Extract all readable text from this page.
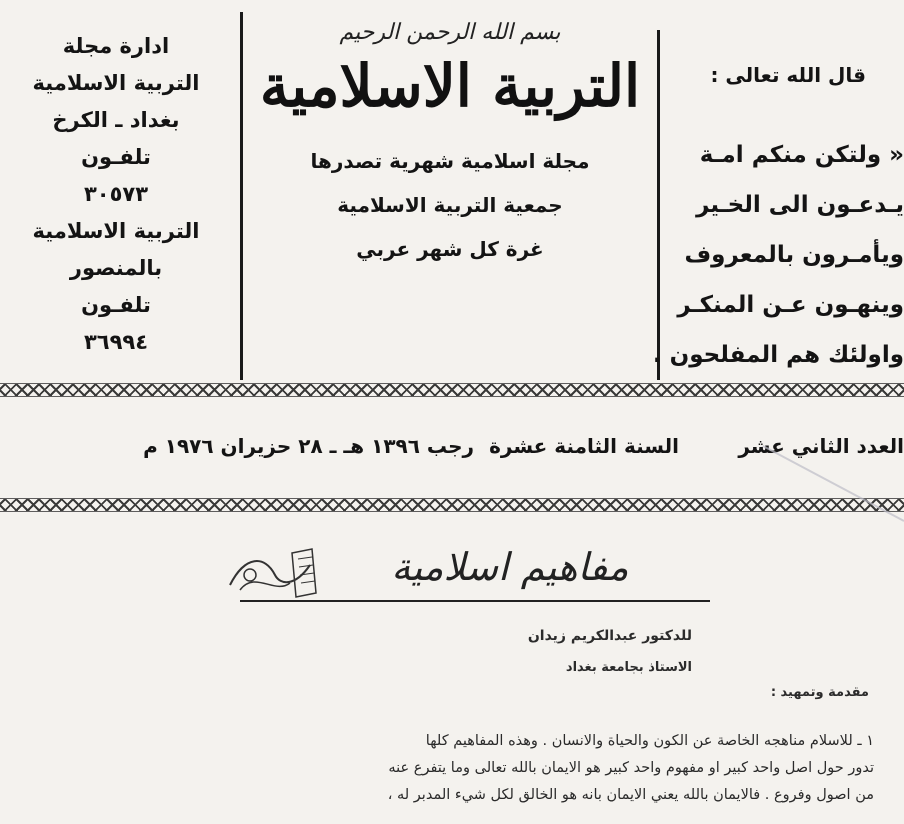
ادارة مجلة
التربية الاسلامية
بغداد ـ الكرخ
تلفـون
٣٠٥٧٣
التربية الاسلامية
بالمنصور
تلفـون
٣٦٩٩٤
بسم الله الرحمن الرحيم
التربية الاسلامية
مجلة اسلامية شهرية تصدرها
جمعية التربية الاسلامية
غرة كل شهر عربي
قال الله تعالى :
« ولتكن منكم امـة
يـدعـون الى الخـير
ويأمـرون بالمعروف
وينهـون عـن المنكـر
واولئك هم المفلحون .
العدد الثاني عشر
السنة الثامنة عشرة
رجب ١٣٩٦ هـ ـ ٢٨ حزيران ١٩٧٦ م
مفاهيم اسلامية
للدكتور عبدالكريم زيدان
الاستاذ بجامعة بغداد
مقدمة وتمهيد :
١ ـ للاسلام مناهجه الخاصة عن الكون والحياة والانسان . وهذه المفاهيم كلها
تدور حول اصل واحد كبير او مفهوم واحد كبير هو الايمان بالله تعالى وما يتفرع عنه
من اصول وفروع . فالايمان بالله يعني الايمان بانه هو الخالق لكل شيء المدبر له ،
